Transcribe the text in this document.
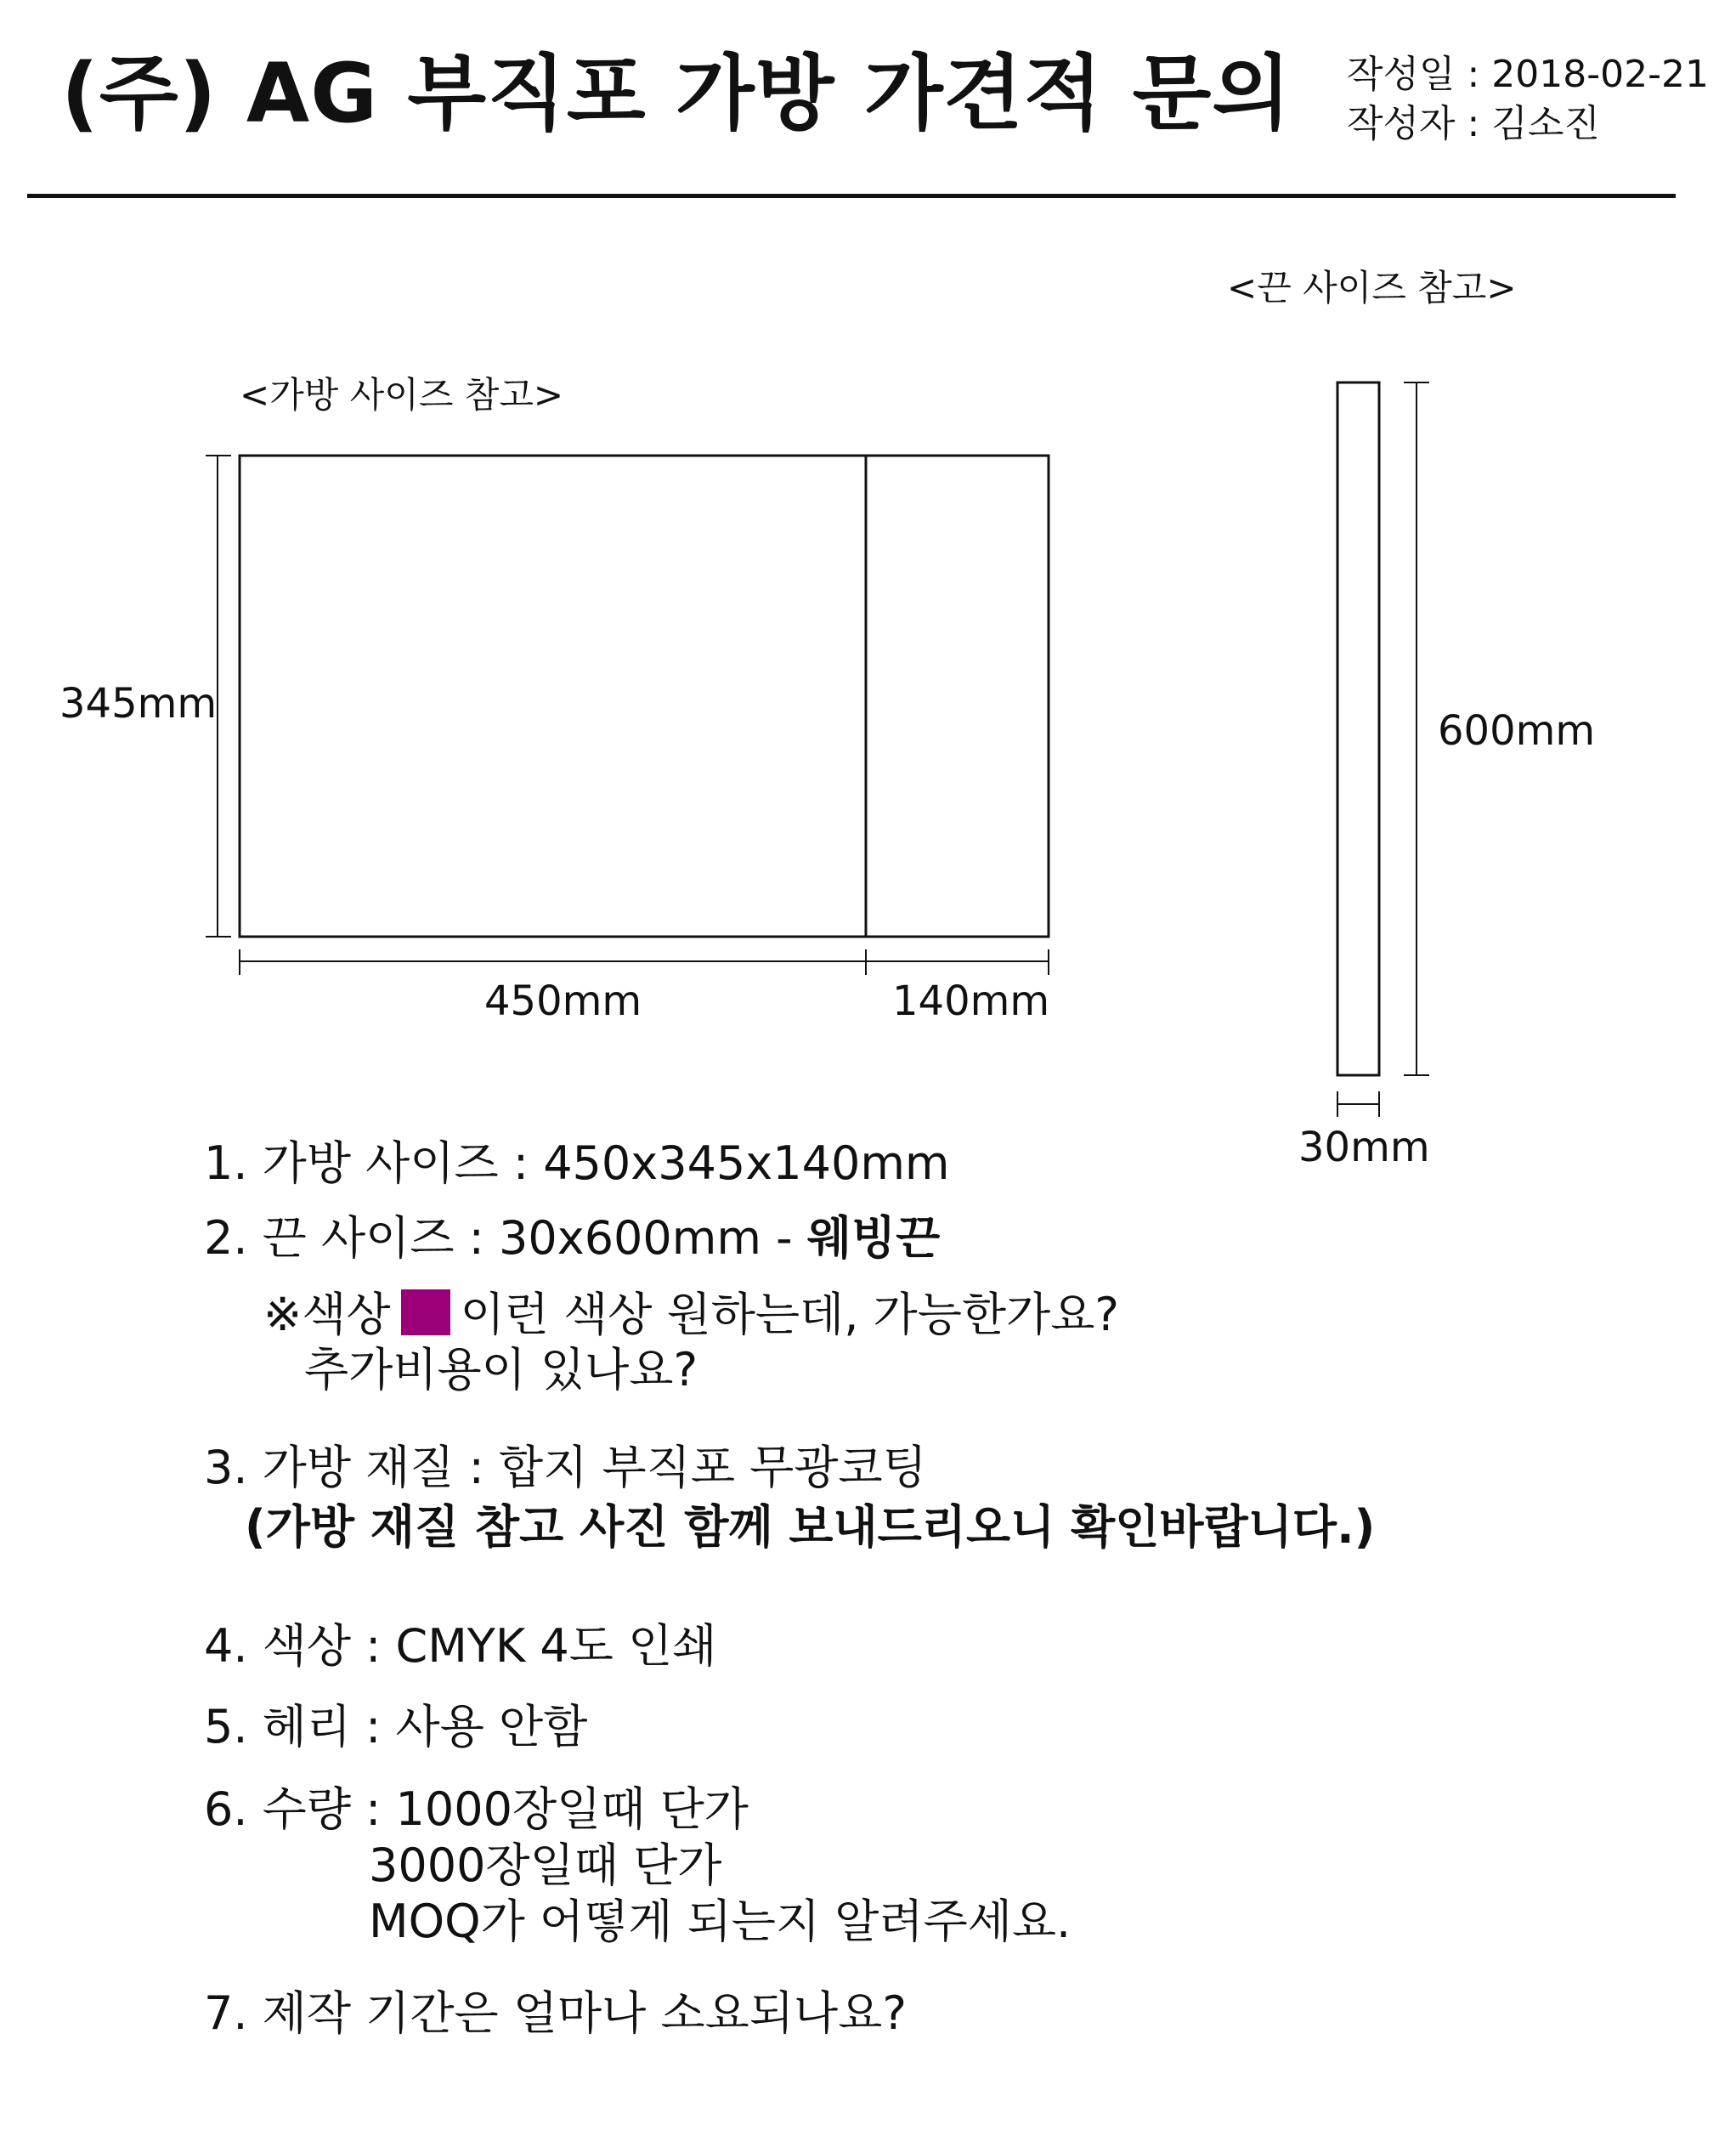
(주) AG 부직포 가방 가견적 문의 작성일 : 2018-02-21
작성자 : 김소진
<가방 사이즈 참고>
<끈 사이즈 참고>
345mm
450mm	140mm
600mm
30mm
1. 가방 사이즈 : 450x345x140mm
2. 끈 사이즈 : 30x600mm - 웨빙끈
※색상 이런 색상 원하는데, 가능한가요?
추가비용이 있나요?
3. 가방 재질 : 합지 부직포 무광코팅
(가방 재질 참고 사진 함께 보내드리오니 확인바랍니다.)
4. 색상 : CMYK 4도 인쇄
5. 헤리 : 사용 안함
6. 수량 : 1000장일때 단가
3000장일때 단가
MOQ가 어떻게 되는지 알려주세요.
7. 제작 기간은 얼마나 소요되나요?
